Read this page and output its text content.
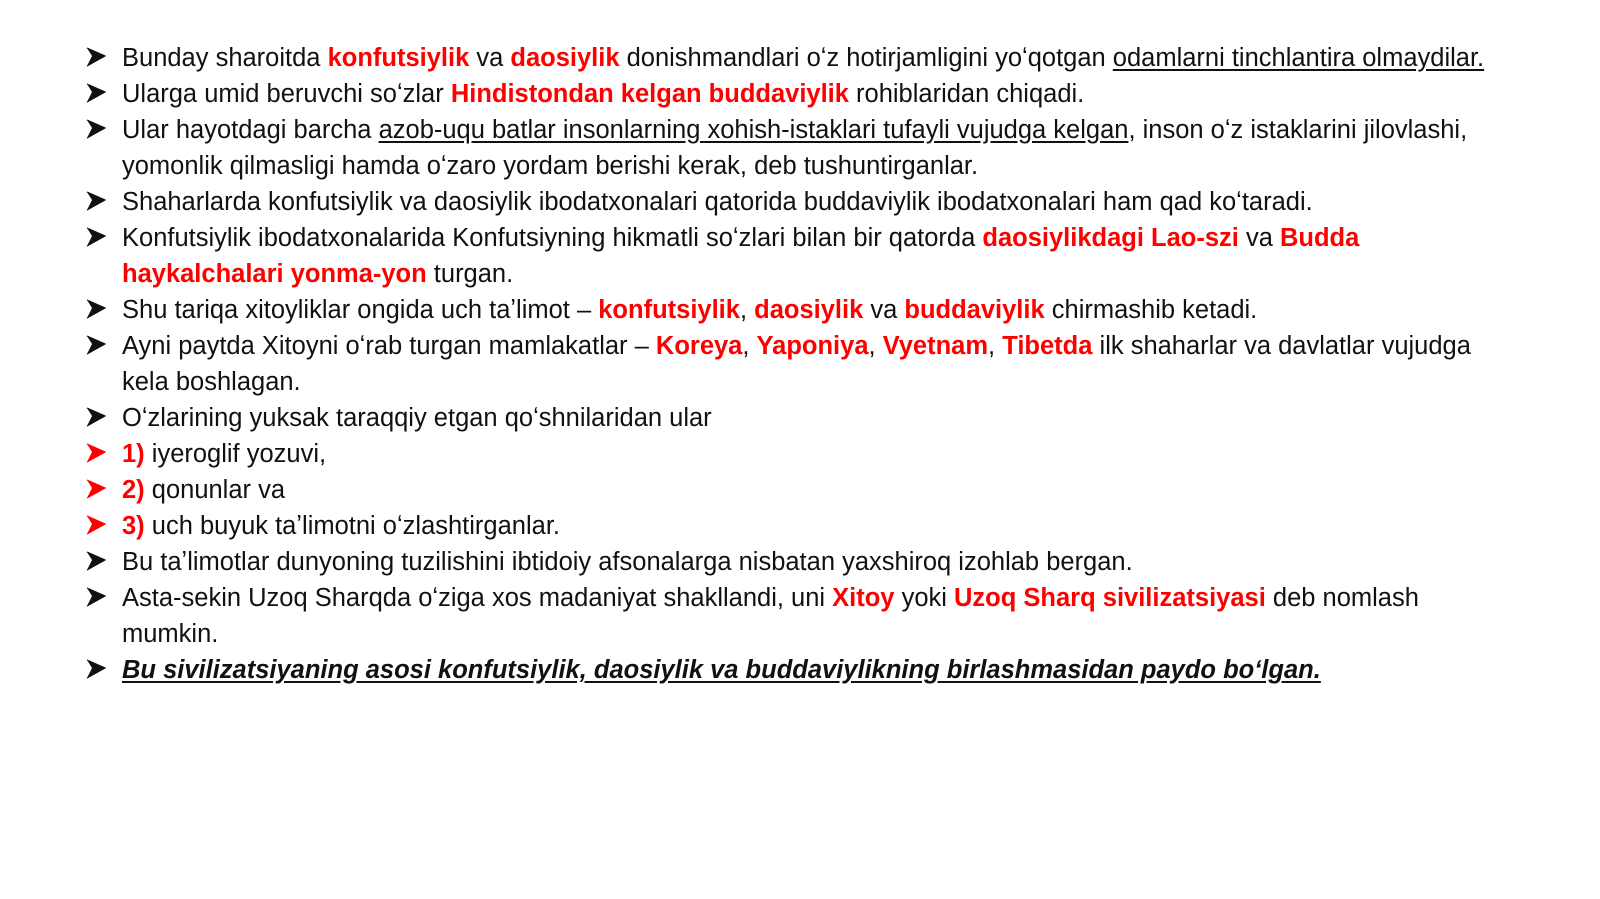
Bunday sharoitda konfutsiylik va daosiylik donishmandlari oʻz hotirjamligini yoʻqotgan odamlarni tinchlantira olmaydilar.
Ularga umid beruvchi soʻzlar Hindistondan kelgan buddaviylik rohiblaridan chiqadi.
Ular hayotdagi barcha azob-uqu batlar insonlarning xohish-istaklari tufayli vujudga kelgan, inson oʻz istaklarini jilovlashi, yomonlik qilmasligi hamda oʻzaro yordam berishi kerak, deb tushuntirganlar.
Shaharlarda konfutsiylik va daosiylik ibodatxonalari qatorida buddaviylik ibodatxonalari ham qad koʻtaradi.
Konfutsiylik ibodatxonalarida Konfutsiyning hikmatli soʻzlari bilan bir qatorda daosiylikdagi Lao-szi va Budda haykalchalari yonma-yon turgan.
Shu tariqa xitoyliklar ongida uch taʼlimot – konfutsiylik, daosiylik va buddaviylik chirmashib ketadi.
Ayni paytda Xitoyni oʻrab turgan mamlakatlar – Koreya, Yaponiya, Vyetnam, Tibetda ilk shaharlar va davlatlar vujudga kela boshlagan.
Oʻzlarining yuksak taraqqiy etgan qoʻshnilaridan ular
1) iyeroglif yozuvi,
2) qonunlar va
3) uch buyuk taʼlimotni oʻzlashtirganlar.
Bu taʼlimotlar dunyoning tuzilishini ibtidoiy afsonalarga nisbatan yaxshiroq izohlab bergan.
Asta-sekin Uzoq Sharqda oʻziga xos madaniyat shakllandi, uni Xitoy yoki Uzoq Sharq sivilizatsiyasi deb nomlash mumkin.
Bu sivilizatsiyaning asosi konfutsiylik, daosiylik va buddaviylikning birlashmasidan paydo boʻlgan.
